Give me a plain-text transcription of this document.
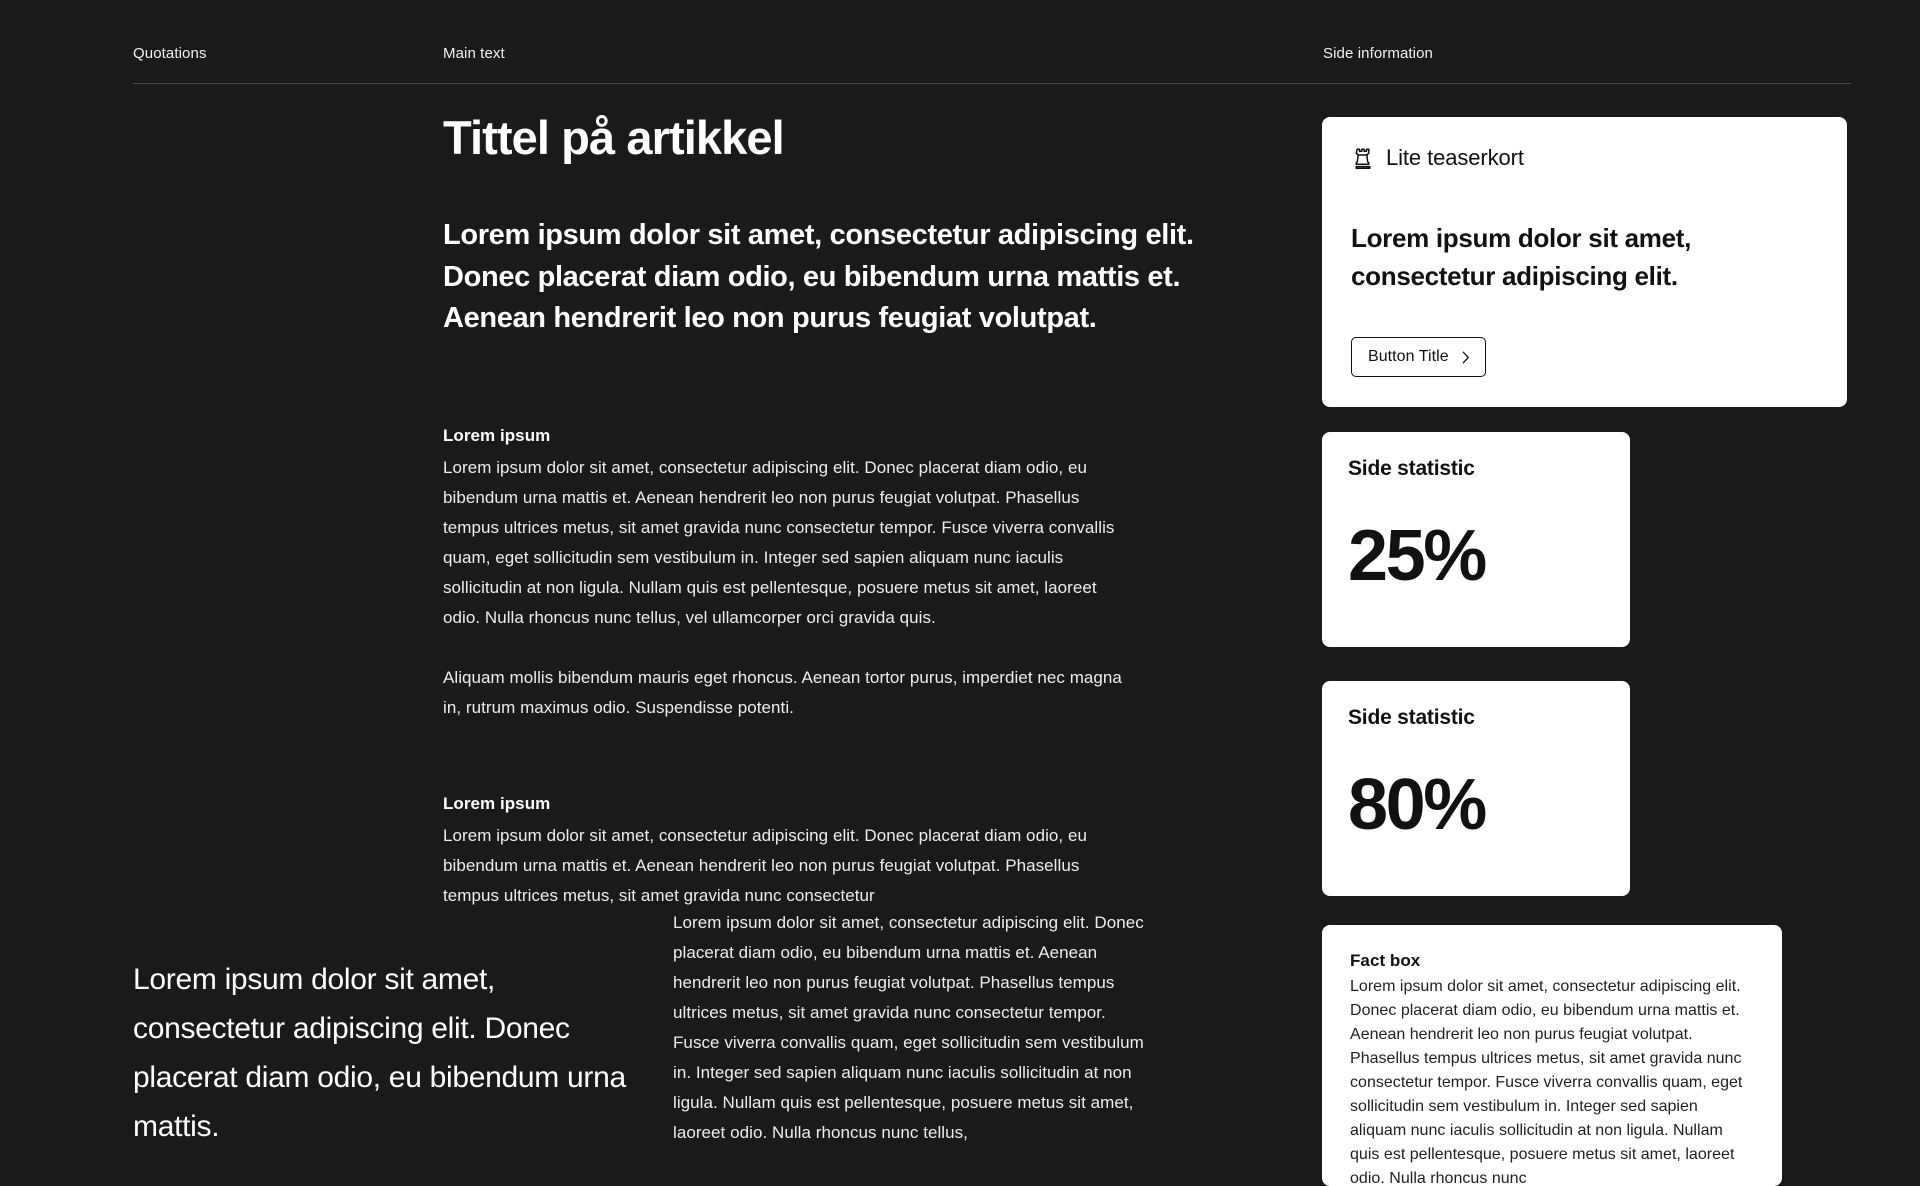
Quotations	Main text	Side information
Tittel på artikkel

Lorem ipsum dolor sit amet, consectetur adipiscing elit. Donec placerat diam odio, eu bibendum urna mattis et. Aenean hendrerit leo non purus feugiat volutpat.

Lorem ipsum

Lorem ipsum dolor sit amet, consectetur adipiscing elit. Donec placerat diam odio, eu bibendum urna mattis et. Aenean hendrerit leo non purus feugiat volutpat. Phasellus tempus ultrices metus, sit amet gravida nunc consectetur tempor. Fusce viverra convallis quam, eget sollicitudin sem vestibulum in. Integer sed sapien aliquam nunc iaculis sollicitudin at non ligula. Nullam quis est pellentesque, posuere metus sit amet, laoreet odio. Nulla rhoncus nunc tellus, vel ullamcorper orci gravida quis.

Aliquam mollis bibendum mauris eget rhoncus. Aenean tortor purus, imperdiet nec magna in, rutrum maximus odio. Suspendisse potenti.

Lorem ipsum

Lorem ipsum dolor sit amet, consectetur adipiscing elit. Donec placerat diam odio, eu bibendum urna mattis et. Aenean hendrerit leo non purus feugiat volutpat. Phasellus tempus ultrices metus, sit amet gravida nunc consectetur

Lorem ipsum dolor sit amet, consectetur adipiscing elit. Donec placerat diam odio, eu bibendum urna mattis et. Aenean hendrerit leo non purus feugiat volutpat. Phasellus tempus ultrices metus, sit amet gravida nunc consectetur tempor. Fusce viverra convallis quam, eget sollicitudin sem vestibulum in. Integer sed sapien aliquam nunc iaculis sollicitudin at non ligula. Nullam quis est pellentesque, posuere metus sit amet, laoreet odio. Nulla rhoncus nunc tellus,

Lorem ipsum dolor sit amet, consectetur adipiscing elit. Donec placerat diam odio, eu bibendum urna mattis.
Lite teaserkort

Lorem ipsum dolor sit amet, consectetur adipiscing elit.

Button Title

Side statistic

25%

Side statistic

80%

Fact box

Lorem ipsum dolor sit amet, consectetur adipiscing elit. Donec placerat diam odio, eu bibendum urna mattis et. Aenean hendrerit leo non purus feugiat volutpat. Phasellus tempus ultrices metus, sit amet gravida nunc consectetur tempor. Fusce viverra convallis quam, eget sollicitudin sem vestibulum in. Integer sed sapien aliquam nunc iaculis sollicitudin at non ligula. Nullam quis est pellentesque, posuere metus sit amet, laoreet odio. Nulla rhoncus nunc
